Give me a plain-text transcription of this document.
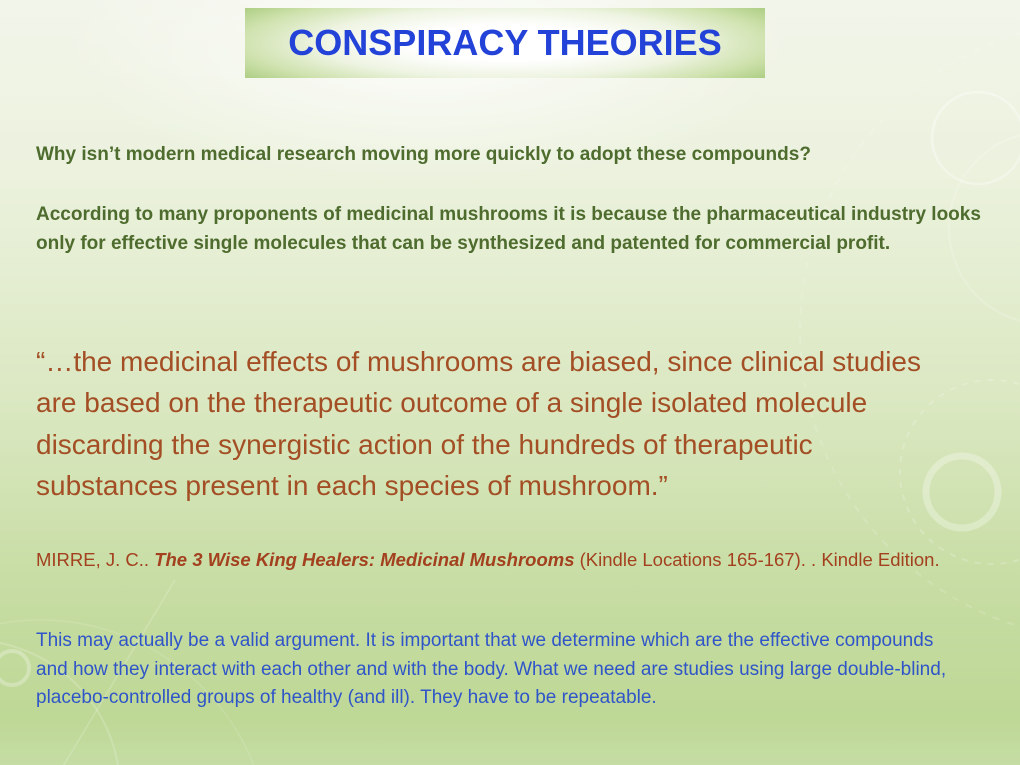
CONSPIRACY THEORIES
Why isn’t modern medical research moving more quickly to adopt these compounds?
According to many proponents of medicinal mushrooms it is because the pharmaceutical industry looks only for effective single molecules that can be synthesized and patented for commercial profit.
“…the medicinal effects of mushrooms are biased, since clinical studies are based on the therapeutic outcome of a single isolated molecule discarding the synergistic action of the hundreds of therapeutic substances present in each species of mushroom.”
MIRRE, J. C.. The 3 Wise King Healers: Medicinal Mushrooms (Kindle Locations 165-167). . Kindle Edition.
This may actually be a valid argument. It is important that we determine which are the effective compounds and how they interact with each other and with the body. What we need are studies using large double-blind, placebo-controlled groups of healthy (and ill). They have to be repeatable.
